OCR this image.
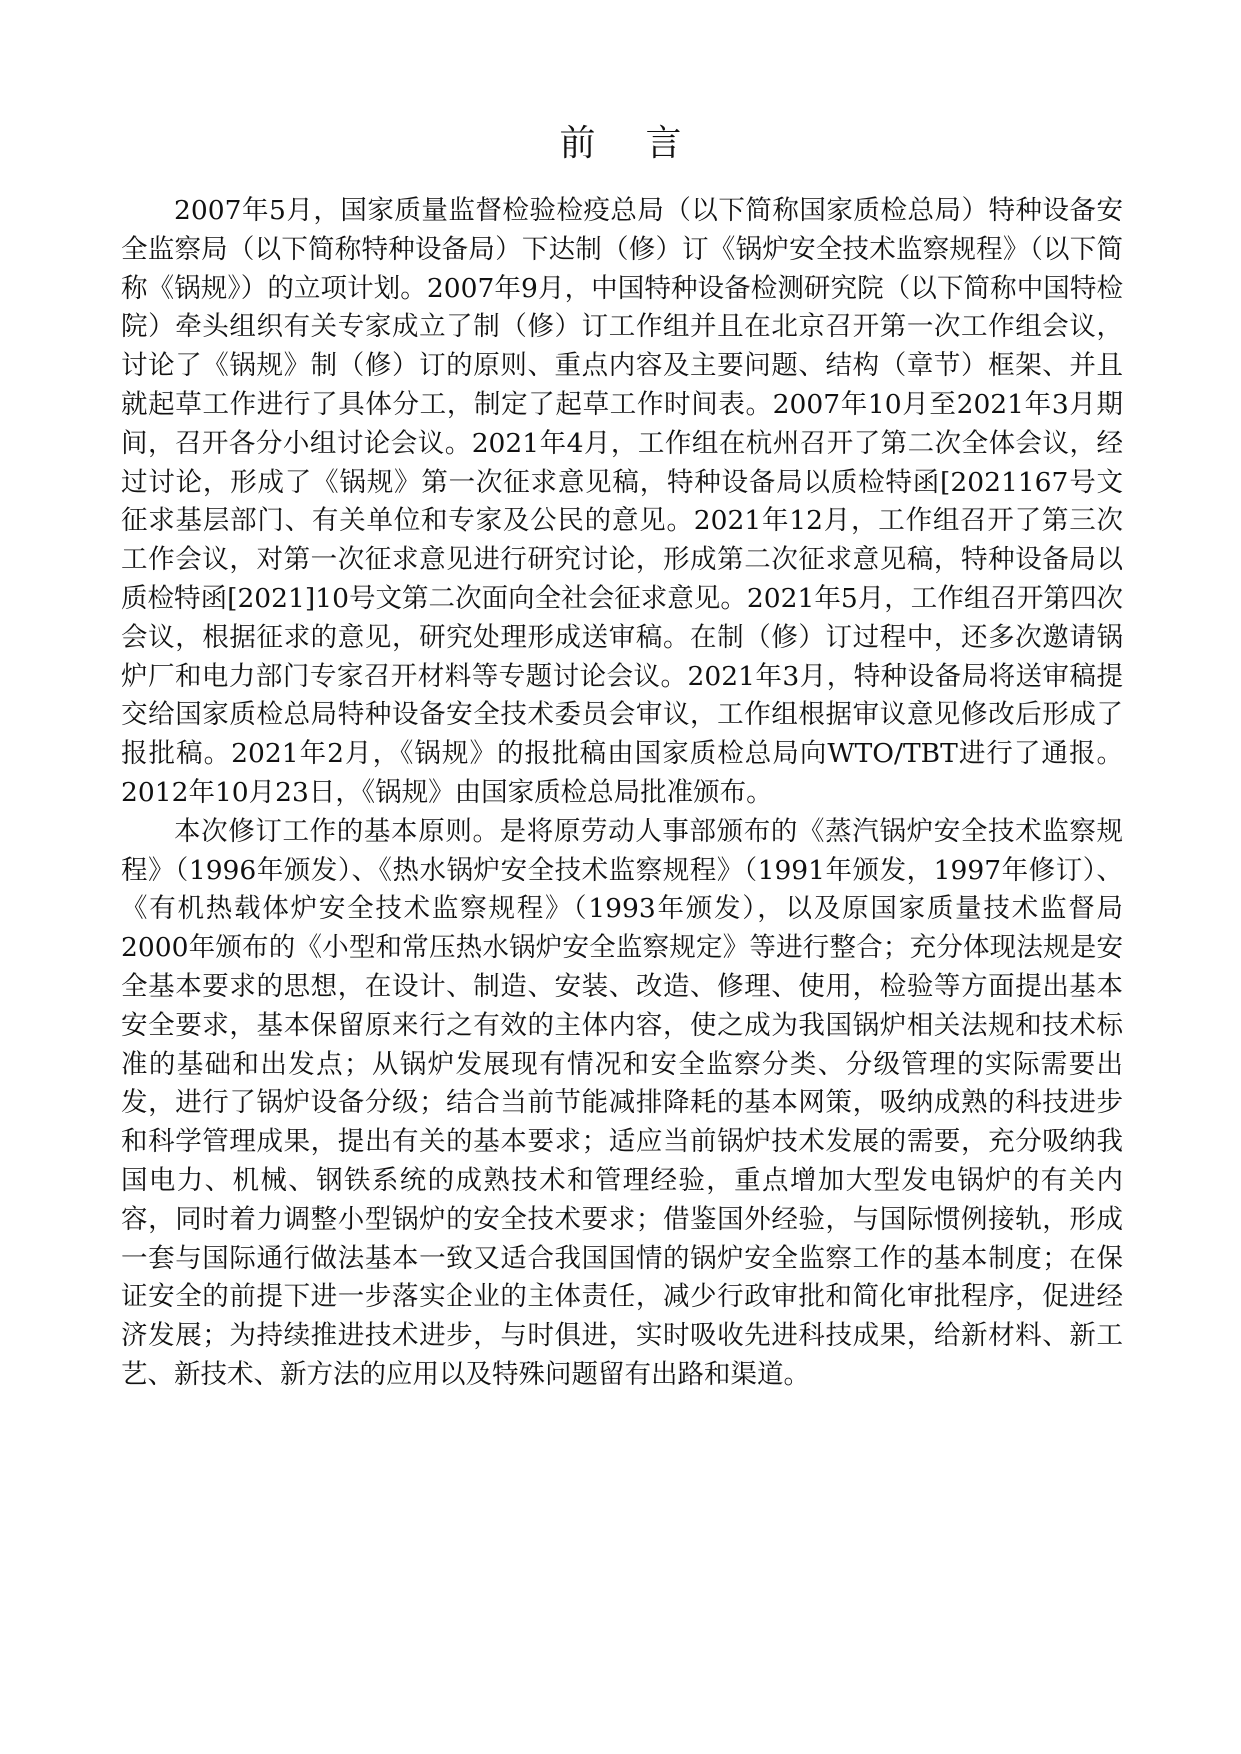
前言

2007年5月，国家质量监督检验检疫总局（以下简称国家质检总局）特种设备安全监察局（以下简称特种设备局）下达制（修）订《锅炉安全技术监察规程》（以下简称《锅规》）的立项计划。2007年9月，中国特种设备检测研究院（以下简称中国特检院）牵头组织有关专家成立了制（修）订工作组并且在北京召开第一次工作组会议，讨论了《锅规》制（修）订的原则、重点内容及主要问题、结构（章节）框架、并且就起草工作进行了具体分工，制定了起草工作时间表。2007年10月至2021年3月期间，召开各分小组讨论会议。2021年4月，工作组在杭州召开了第二次全体会议，经过讨论，形成了《锅规》第一次征求意见稿，特种设备局以质检特函[2021167号文征求基层部门、有关单位和专家及公民的意见。2021年12月，工作组召开了第三次工作会议，对第一次征求意见进行研究讨论，形成第二次征求意见稿，特种设备局以质检特函[2021]10号文第二次面向全社会征求意见。2021年5月，工作组召开第四次会议，根据征求的意见，研究处理形成送审稿。在制（修）订过程中，还多次邀请锅炉厂和电力部门专家召开材料等专题讨论会议。2021年3月，特种设备局将送审稿提交给国家质检总局特种设备安全技术委员会审议，工作组根据审议意见修改后形成了报批稿。2021年2月，《锅规》的报批稿由国家质检总局向WTO/TBT进行了通报。2012年10月23日，《锅规》由国家质检总局批准颁布。

本次修订工作的基本原则。是将原劳动人事部颁布的《蒸汽锅炉安全技术监察规程》（1996年颁发）、《热水锅炉安全技术监察规程》（1991年颁发，1997年修订）、《有机热载体炉安全技术监察规程》（1993年颁发），以及原国家质量技术监督局2000年颁布的《小型和常压热水锅炉安全监察规定》等进行整合；充分体现法规是安全基本要求的思想，在设计、制造、安装、改造、修理、使用，检验等方面提出基本安全要求，基本保留原来行之有效的主体内容，使之成为我国锅炉相关法规和技术标准的基础和出发点；从锅炉发展现有情况和安全监察分类、分级管理的实际需要出发，进行了锅炉设备分级；结合当前节能减排降耗的基本网策，吸纳成熟的科技进步和科学管理成果，提出有关的基本要求；适应当前锅炉技术发展的需要，充分吸纳我国电力、机械、钢铁系统的成熟技术和管理经验，重点增加大型发电锅炉的有关内容，同时着力调整小型锅炉的安全技术要求；借鉴国外经验，与国际惯例接轨，形成一套与国际通行做法基本一致又适合我国国情的锅炉安全监察工作的基本制度；在保证安全的前提下进一步落实企业的主体责任，减少行政审批和简化审批程序，促进经济发展；为持续推进技术进步，与时俱进，实时吸收先进科技成果，给新材料、新工艺、新技术、新方法的应用以及特殊问题留有出路和渠道。
